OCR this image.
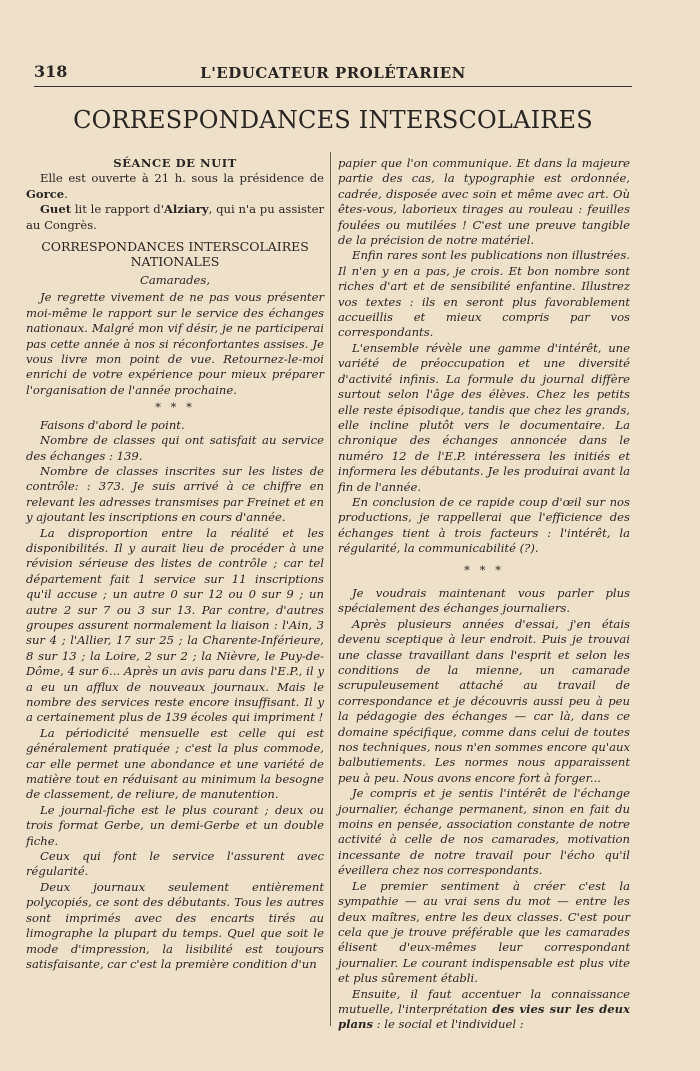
318	L'EDUCATEUR PROLÉTARIEN
CORRESPONDANCES INTERSCOLAIRES

SÉANCE DE NUIT

Elle est ouverte à 21 h. sous la présidence de Gorce.

Guet lit le rapport d'Alziary, qui n'a pu assister au Congrès.

CORRESPONDANCES INTERSCOLAIRES NATIONALES

Camarades,

Je regrette vivement de ne pas vous présenter moi-même le rapport sur le service des échanges nationaux. Malgré mon vif désir, je ne participerai pas cette année à nos si réconfortantes assises. Je vous livre mon point de vue. Retournez-le-moi enrichi de votre expérience pour mieux préparer l'organisation de l'année prochaine.

* * *

Faisons d'abord le point.

Nombre de classes qui ont satisfait au service des échanges : 139.

Nombre de classes inscrites sur les listes de contrôle: : 373. Je suis arrivé à ce chiffre en relevant les adresses transmises par Freinet et en y ajoutant les inscriptions en cours d'année.

La disproportion entre la réalité et les disponibilités. Il y aurait lieu de procéder à une révision sérieuse des listes de contrôle ; car tel département fait 1 service sur 11 inscriptions qu'il accuse ; un autre 0 sur 12 ou 0 sur 9 ; un autre 2 sur 7 ou 3 sur 13. Par contre, d'autres groupes assurent normalement la liaison : l'Ain, 3 sur 4 ; l'Allier, 17 sur 25 ; la Charente-Inférieure, 8 sur 13 ; la Loire, 2 sur 2 ; la Nièvre, le Puy-de-Dôme, 4 sur 6... Après un avis paru dans l'E.P., il y a eu un afflux de nouveaux journaux. Mais le nombre des services reste encore insuffisant. Il y a certainement plus de 139 écoles qui impriment !

La périodicité mensuelle est celle qui est généralement pratiquée ; c'est la plus commode, car elle permet une abondance et une variété de matière tout en réduisant au minimum la besogne de classement, de reliure, de manutention.

Le journal-fiche est le plus courant ; deux ou trois format Gerbe, un demi-Gerbe et un double fiche.

Ceux qui font le service l'assurent avec régularité.

Deux journaux seulement entièrement polycopiés, ce sont des débutants. Tous les autres sont imprimés avec des encarts tirés au limographe la plupart du temps. Quel que soit le mode d'impression, la lisibilité est toujours satisfaisante, car c'est la première condition d'un

papier que l'on communique. Et dans la majeure partie des cas, la typographie est ordonnée, cadrée, disposée avec soin et même avec art. Où êtes-vous, laborieux tirages au rouleau : feuilles foulées ou mutilées ! C'est une preuve tangible de la précision de notre matériel.

Enfin rares sont les publications non illustrées. Il n'en y en a pas, je crois. Et bon nombre sont riches d'art et de sensibilité enfantine. Illustrez vos textes : ils en seront plus favorablement accueillis et mieux compris par vos correspondants.

L'ensemble révèle une gamme d'intérêt, une variété de préoccupation et une diversité d'activité infinis. La formule du journal diffère surtout selon l'âge des élèves. Chez les petits elle reste épisodique, tandis que chez les grands, elle incline plutôt vers le documentaire. La chronique des échanges annoncée dans le numéro 12 de l'E.P. intéressera les initiés et informera les débutants. Je les produirai avant la fin de l'année.

En conclusion de ce rapide coup d'œil sur nos productions, je rappellerai que l'efficience des échanges tient à trois facteurs : l'intérêt, la régularité, la communicabilité (?).

* * *

Je voudrais maintenant vous parler plus spécialement des échanges journaliers.

Après plusieurs années d'essai, j'en étais devenu sceptique à leur endroit. Puis je trouvai une classe travaillant dans l'esprit et selon les conditions de la mienne, un camarade scrupuleusement attaché au travail de correspondance et je découvris aussi peu à peu la pédagogie des échanges — car là, dans ce domaine spécifique, comme dans celui de toutes nos techniques, nous n'en sommes encore qu'aux balbutiements. Les normes nous apparaissent peu à peu. Nous avons encore fort à forger...

Je compris et je sentis l'intérêt de l'échange journalier, échange permanent, sinon en fait du moins en pensée, association constante de notre activité à celle de nos camarades, motivation incessante de notre travail pour l'écho qu'il éveillera chez nos correspondants.

Le premier sentiment à créer c'est la sympathie — au vrai sens du mot — entre les deux maîtres, entre les deux classes. C'est pour cela que je trouve préférable que les camarades élisent d'eux-mêmes leur correspondant journalier. Le courant indispensable est plus vite et plus sûrement établi.

Ensuite, il faut accentuer la connaissance mutuelle, l'interprétation des vies sur les deux plans : le social et l'individuel :
